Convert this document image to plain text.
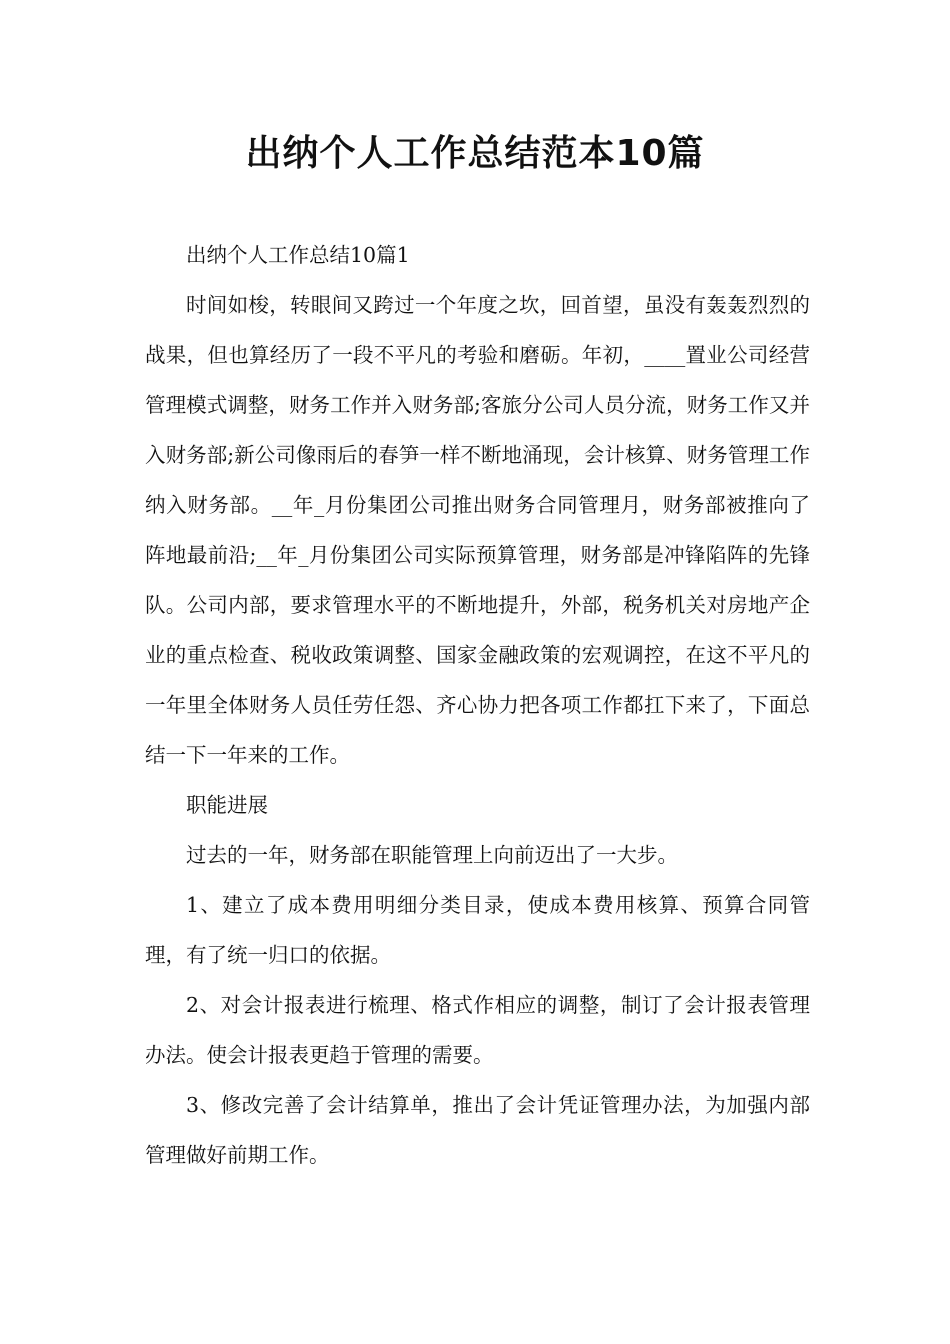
出纳个人工作总结范本10篇

出纳个人工作总结10篇1

时间如梭，转眼间又跨过一个年度之坎，回首望，虽没有轰轰烈烈的战果，但也算经历了一段不平凡的考验和磨砺。年初，____置业公司经营管理模式调整，财务工作并入财务部;客旅分公司人员分流，财务工作又并入财务部;新公司像雨后的春笋一样不断地涌现，会计核算、财务管理工作纳入财务部。__年_月份集团公司推出财务合同管理月，财务部被推向了阵地最前沿;__年_月份集团公司实际预算管理，财务部是冲锋陷阵的先锋队。公司内部，要求管理水平的不断地提升，外部，税务机关对房地产企业的重点检查、税收政策调整、国家金融政策的宏观调控，在这不平凡的一年里全体财务人员任劳任怨、齐心协力把各项工作都扛下来了，下面总结一下一年来的工作。

职能进展

过去的一年，财务部在职能管理上向前迈出了一大步。

1、建立了成本费用明细分类目录，使成本费用核算、预算合同管理，有了统一归口的依据。

2、对会计报表进行梳理、格式作相应的调整，制订了会计报表管理办法。使会计报表更趋于管理的需要。

3、修改完善了会计结算单，推出了会计凭证管理办法，为加强内部管理做好前期工作。
